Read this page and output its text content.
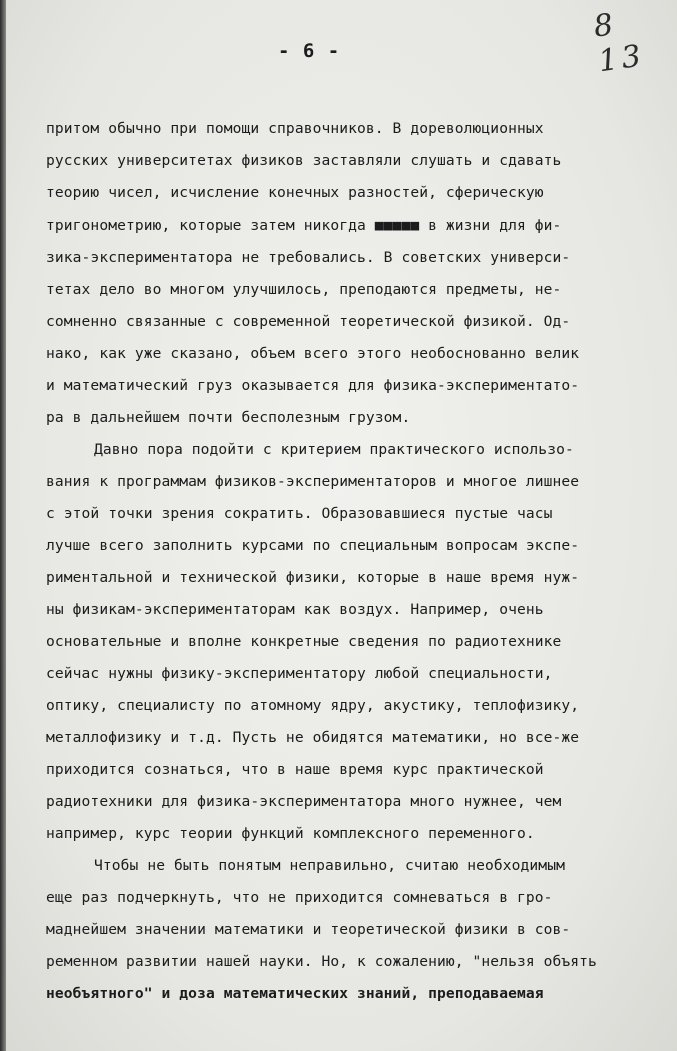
8 13
- 6 -
притом обычно при помощи справочников. В дореволюционных
русских университетах физиков заставляли слушать и сдавать
теорию чисел, исчисление конечных разностей, сферическую
тригонометрию, которые затем никогда ■■■■■ в жизни для фи-
зика-экспериментатора не требовались. В советских универси-
тетах дело во многом улучшилось, преподаются предметы, не-
сомненно связанные с современной теоретической физикой. Од-
нако, как уже сказано, объем всего этого необоснованно велик
и математический груз оказывается для физика-экспериментато-
ра в дальнейшем почти бесполезным грузом.
Давно пора подойти с критерием практического использо-
вания к программам физиков-экспериментаторов и многое лишнее
с этой точки зрения сократить. Образовавшиеся пустые часы
лучше всего заполнить курсами по специальным вопросам экспе-
риментальной и технической физики, которые в наше время нуж-
ны физикам-экспериментаторам как воздух. Например, очень
основательные и вполне конкретные сведения по радиотехнике
сейчас нужны физику-экспериментатору любой специальности,
оптику, специалисту по атомному ядру, акустику, теплофизику,
металлофизику и т.д. Пусть не обидятся математики, но все-же
приходится сознаться, что в наше время курс практической
радиотехники для физика-экспериментатора много нужнее, чем
например, курс теории функций комплексного переменного.
Чтобы не быть понятым неправильно, считаю необходимым
еще раз подчеркнуть, что не приходится сомневаться в гро-
маднейшем значении математики и теоретической физики в сов-
ременном развитии нашей науки. Но, к сожалению, "нельзя объять
необъятного" и доза математических знаний, преподаваемая
